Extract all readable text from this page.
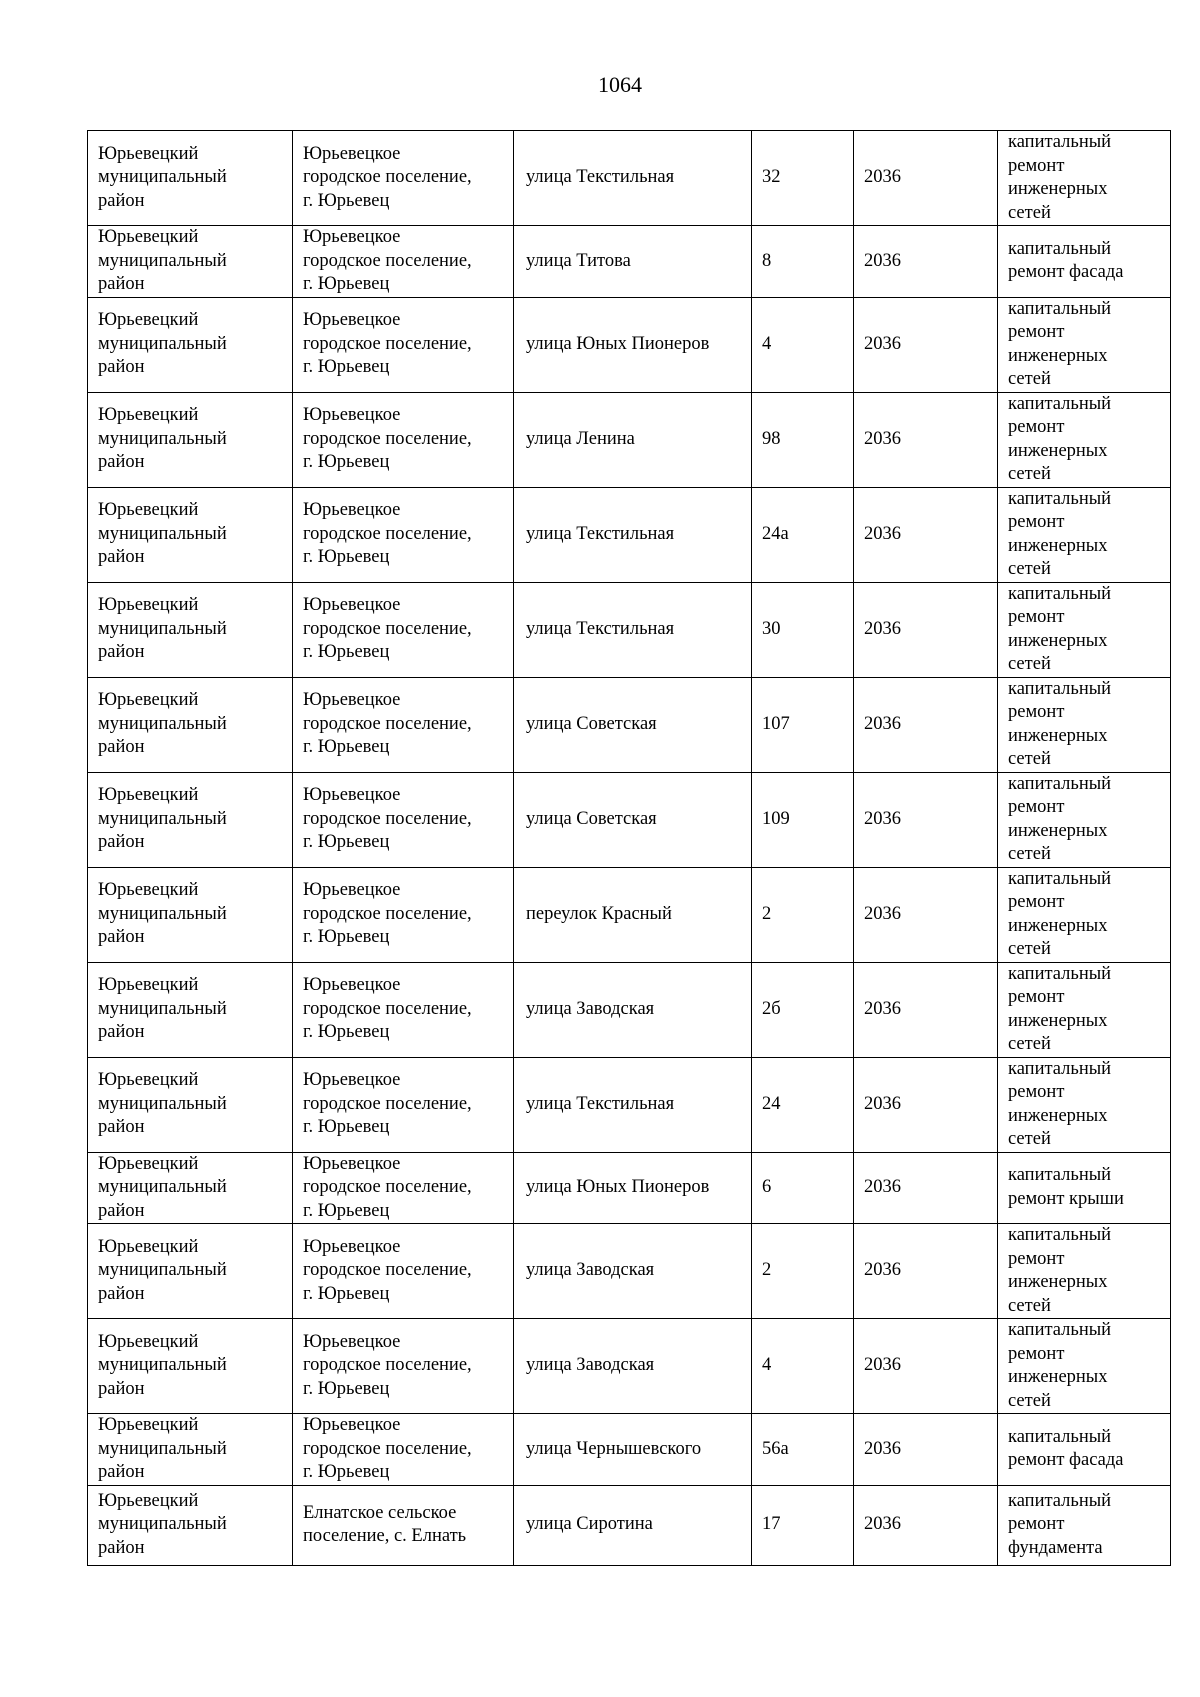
1064
Юрьевецкий
муниципальный
район	Юрьевецкое
городское поселение,
г. Юрьевец	улица Текстильная	32	2036	капитальный
ремонт
инженерных
сетей
Юрьевецкий
муниципальный
район	Юрьевецкое
городское поселение,
г. Юрьевец	улица Титова	8	2036	капитальный
ремонт фасада
Юрьевецкий
муниципальный
район	Юрьевецкое
городское поселение,
г. Юрьевец	улица Юных Пионеров	4	2036	капитальный
ремонт
инженерных
сетей
Юрьевецкий
муниципальный
район	Юрьевецкое
городское поселение,
г. Юрьевец	улица Ленина	98	2036	капитальный
ремонт
инженерных
сетей
Юрьевецкий
муниципальный
район	Юрьевецкое
городское поселение,
г. Юрьевец	улица Текстильная	24а	2036	капитальный
ремонт
инженерных
сетей
Юрьевецкий
муниципальный
район	Юрьевецкое
городское поселение,
г. Юрьевец	улица Текстильная	30	2036	капитальный
ремонт
инженерных
сетей
Юрьевецкий
муниципальный
район	Юрьевецкое
городское поселение,
г. Юрьевец	улица Советская	107	2036	капитальный
ремонт
инженерных
сетей
Юрьевецкий
муниципальный
район	Юрьевецкое
городское поселение,
г. Юрьевец	улица Советская	109	2036	капитальный
ремонт
инженерных
сетей
Юрьевецкий
муниципальный
район	Юрьевецкое
городское поселение,
г. Юрьевец	переулок Красный	2	2036	капитальный
ремонт
инженерных
сетей
Юрьевецкий
муниципальный
район	Юрьевецкое
городское поселение,
г. Юрьевец	улица Заводская	2б	2036	капитальный
ремонт
инженерных
сетей
Юрьевецкий
муниципальный
район	Юрьевецкое
городское поселение,
г. Юрьевец	улица Текстильная	24	2036	капитальный
ремонт
инженерных
сетей
Юрьевецкий
муниципальный
район	Юрьевецкое
городское поселение,
г. Юрьевец	улица Юных Пионеров	6	2036	капитальный
ремонт крыши
Юрьевецкий
муниципальный
район	Юрьевецкое
городское поселение,
г. Юрьевец	улица Заводская	2	2036	капитальный
ремонт
инженерных
сетей
Юрьевецкий
муниципальный
район	Юрьевецкое
городское поселение,
г. Юрьевец	улица Заводская	4	2036	капитальный
ремонт
инженерных
сетей
Юрьевецкий
муниципальный
район	Юрьевецкое
городское поселение,
г. Юрьевец	улица Чернышевского	56а	2036	капитальный
ремонт фасада
Юрьевецкий
муниципальный
район	Елнатское сельское
поселение, с. Елнать	улица Сиротина	17	2036	капитальный
ремонт
фундамента
